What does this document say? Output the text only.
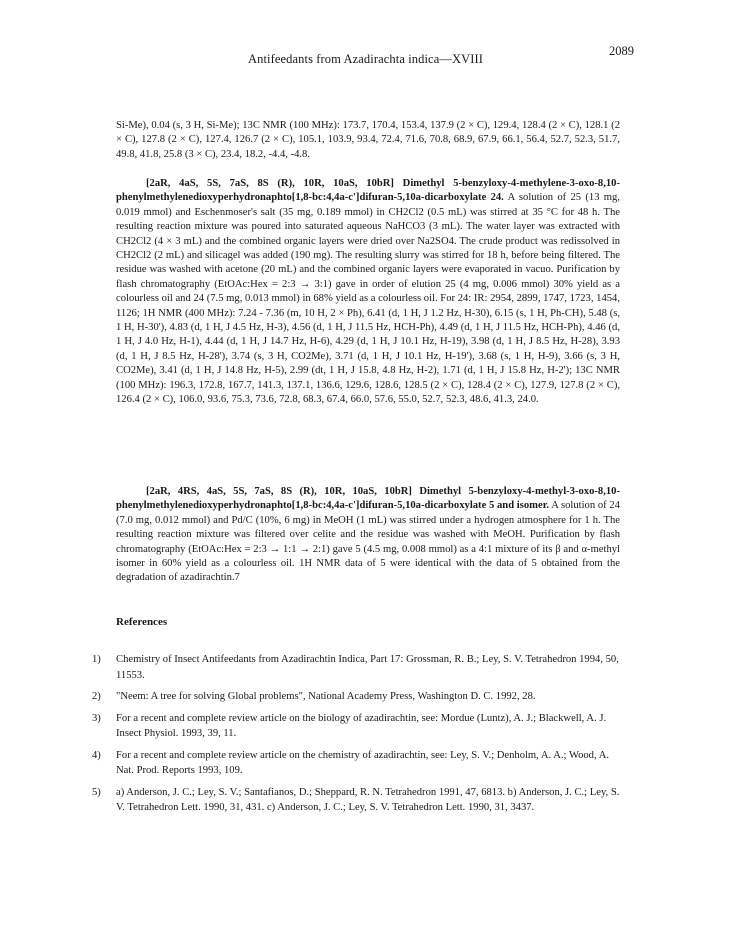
Antifeedants from Azadirachta indica—XVIII
2089
Si-Me), 0.04 (s, 3 H, Si-Me); 13C NMR (100 MHz): 173.7, 170.4, 153.4, 137.9 (2 × C), 129.4, 128.4 (2 × C), 128.1 (2 × C), 127.8 (2 × C), 127.4, 126.7 (2 × C), 105.1, 103.9, 93.4, 72.4, 71.6, 70.8, 68.9, 67.9, 66.1, 56.4, 52.7, 52.3, 51.7, 49.8, 41.8, 25.8 (3 × C), 23.4, 18.2, -4.4, -4.8.
[2aR, 4aS, 5S, 7aS, 8S (R), 10R, 10aS, 10bR] Dimethyl 5-benzyloxy-4-methylene-3-oxo-8,10-phenylmethylenedioxyperhydronaphto[1,8-bc:4,4a-c']difuran-5,10a-dicarboxylate 24. A solution of 25 (13 mg, 0.019 mmol) and Eschenmoser's salt (35 mg, 0.189 mmol) in CH2Cl2 (0.5 mL) was stirred at 35 °C for 48 h. The resulting reaction mixture was poured into saturated aqueous NaHCO3 (3 mL). The water layer was extracted with CH2Cl2 (4 × 3 mL) and the combined organic layers were dried over Na2SO4. The crude product was redissolved in CH2Cl2 (2 mL) and silicagel was added (190 mg). The resulting slurry was stirred for 18 h, before being filtered. The residue was washed with acetone (20 mL) and the combined organic layers were evaporated in vacuo. Purification by flash chromatography (EtOAc:Hex = 2:3 → 3:1) gave in order of elution 25 (4 mg, 0.006 mmol) 30% yield as a colourless oil and 24 (7.5 mg, 0.013 mmol) in 68% yield as a colourless oil. For 24: IR: 2954, 2899, 1747, 1723, 1454, 1126; 1H NMR (400 MHz): 7.24 - 7.36 (m, 10 H, 2 × Ph), 6.41 (d, 1 H, J 1.2 Hz, H-30), 6.15 (s, 1 H, Ph-CH), 5.48 (s, 1 H, H-30'), 4.83 (d, 1 H, J 4.5 Hz, H-3), 4.56 (d, 1 H, J 11.5 Hz, HCH-Ph), 4.49 (d, 1 H, J 11.5 Hz, HCH-Ph), 4.46 (d, 1 H, J 4.0 Hz, H-1), 4.44 (d, 1 H, J 14.7 Hz, H-6), 4.29 (d, 1 H, J 10.1 Hz, H-19), 3.98 (d, 1 H, J 8.5 Hz, H-28), 3.93 (d, 1 H, J 8.5 Hz, H-28'), 3.74 (s, 3 H, CO2Me), 3.71 (d, 1 H, J 10.1 Hz, H-19'), 3.68 (s, 1 H, H-9), 3.66 (s, 3 H, CO2Me), 3.41 (d, 1 H, J 14.8 Hz, H-5), 2.99 (dt, 1 H, J 15.8, 4.8 Hz, H-2), 1.71 (d, 1 H, J 15.8 Hz, H-2'); 13C NMR (100 MHz): 196.3, 172.8, 167.7, 141.3, 137.1, 136.6, 129.6, 128.6, 128.5 (2 × C), 128.4 (2 × C), 127.9, 127.8 (2 × C), 126.4 (2 × C), 106.0, 93.6, 75.3, 73.6, 72.8, 68.3, 67.4, 66.0, 57.6, 55.0, 52.7, 52.3, 48.6, 41.3, 24.0.
[2aR, 4RS, 4aS, 5S, 7aS, 8S (R), 10R, 10aS, 10bR] Dimethyl 5-benzyloxy-4-methyl-3-oxo-8,10-phenylmethylenedioxyperhydronaphto[1,8-bc:4,4a-c']difuran-5,10a-dicarboxylate 5 and isomer. A solution of 24 (7.0 mg, 0.012 mmol) and Pd/C (10%, 6 mg) in MeOH (1 mL) was stirred under a hydrogen atmosphere for 1 h. The resulting reaction mixture was filtered over celite and the residue was washed with MeOH. Purification by flash chromatography (EtOAc:Hex = 2:3 → 1:1 → 2:1) gave 5 (4.5 mg, 0.008 mmol) as a 4:1 mixture of its β and α-methyl isomer in 60% yield as a colourless oil. 1H NMR data of 5 were identical with the data of 5 obtained from the degradation of azadirachtin.7
References
1) Chemistry of Insect Antifeedants from Azadirachtin Indica, Part 17: Grossman, R. B.; Ley, S. V. Tetrahedron 1994, 50, 11553.
2) "Neem: A tree for solving Global problems", National Academy Press, Washington D. C. 1992, 28.
3) For a recent and complete review article on the biology of azadirachtin, see: Mordue (Luntz), A. J.; Blackwell, A. J. Insect Physiol. 1993, 39, 11.
4) For a recent and complete review article on the chemistry of azadirachtin, see: Ley, S. V.; Denholm, A. A.; Wood, A. Nat. Prod. Reports 1993, 109.
5) a) Anderson, J. C.; Ley, S. V.; Santafianos, D.; Sheppard, R. N. Tetrahedron 1991, 47, 6813. b) Anderson, J. C.; Ley, S. V. Tetrahedron Lett. 1990, 31, 431. c) Anderson, J. C.; Ley, S. V. Tetrahedron Lett. 1990, 31, 3437.
